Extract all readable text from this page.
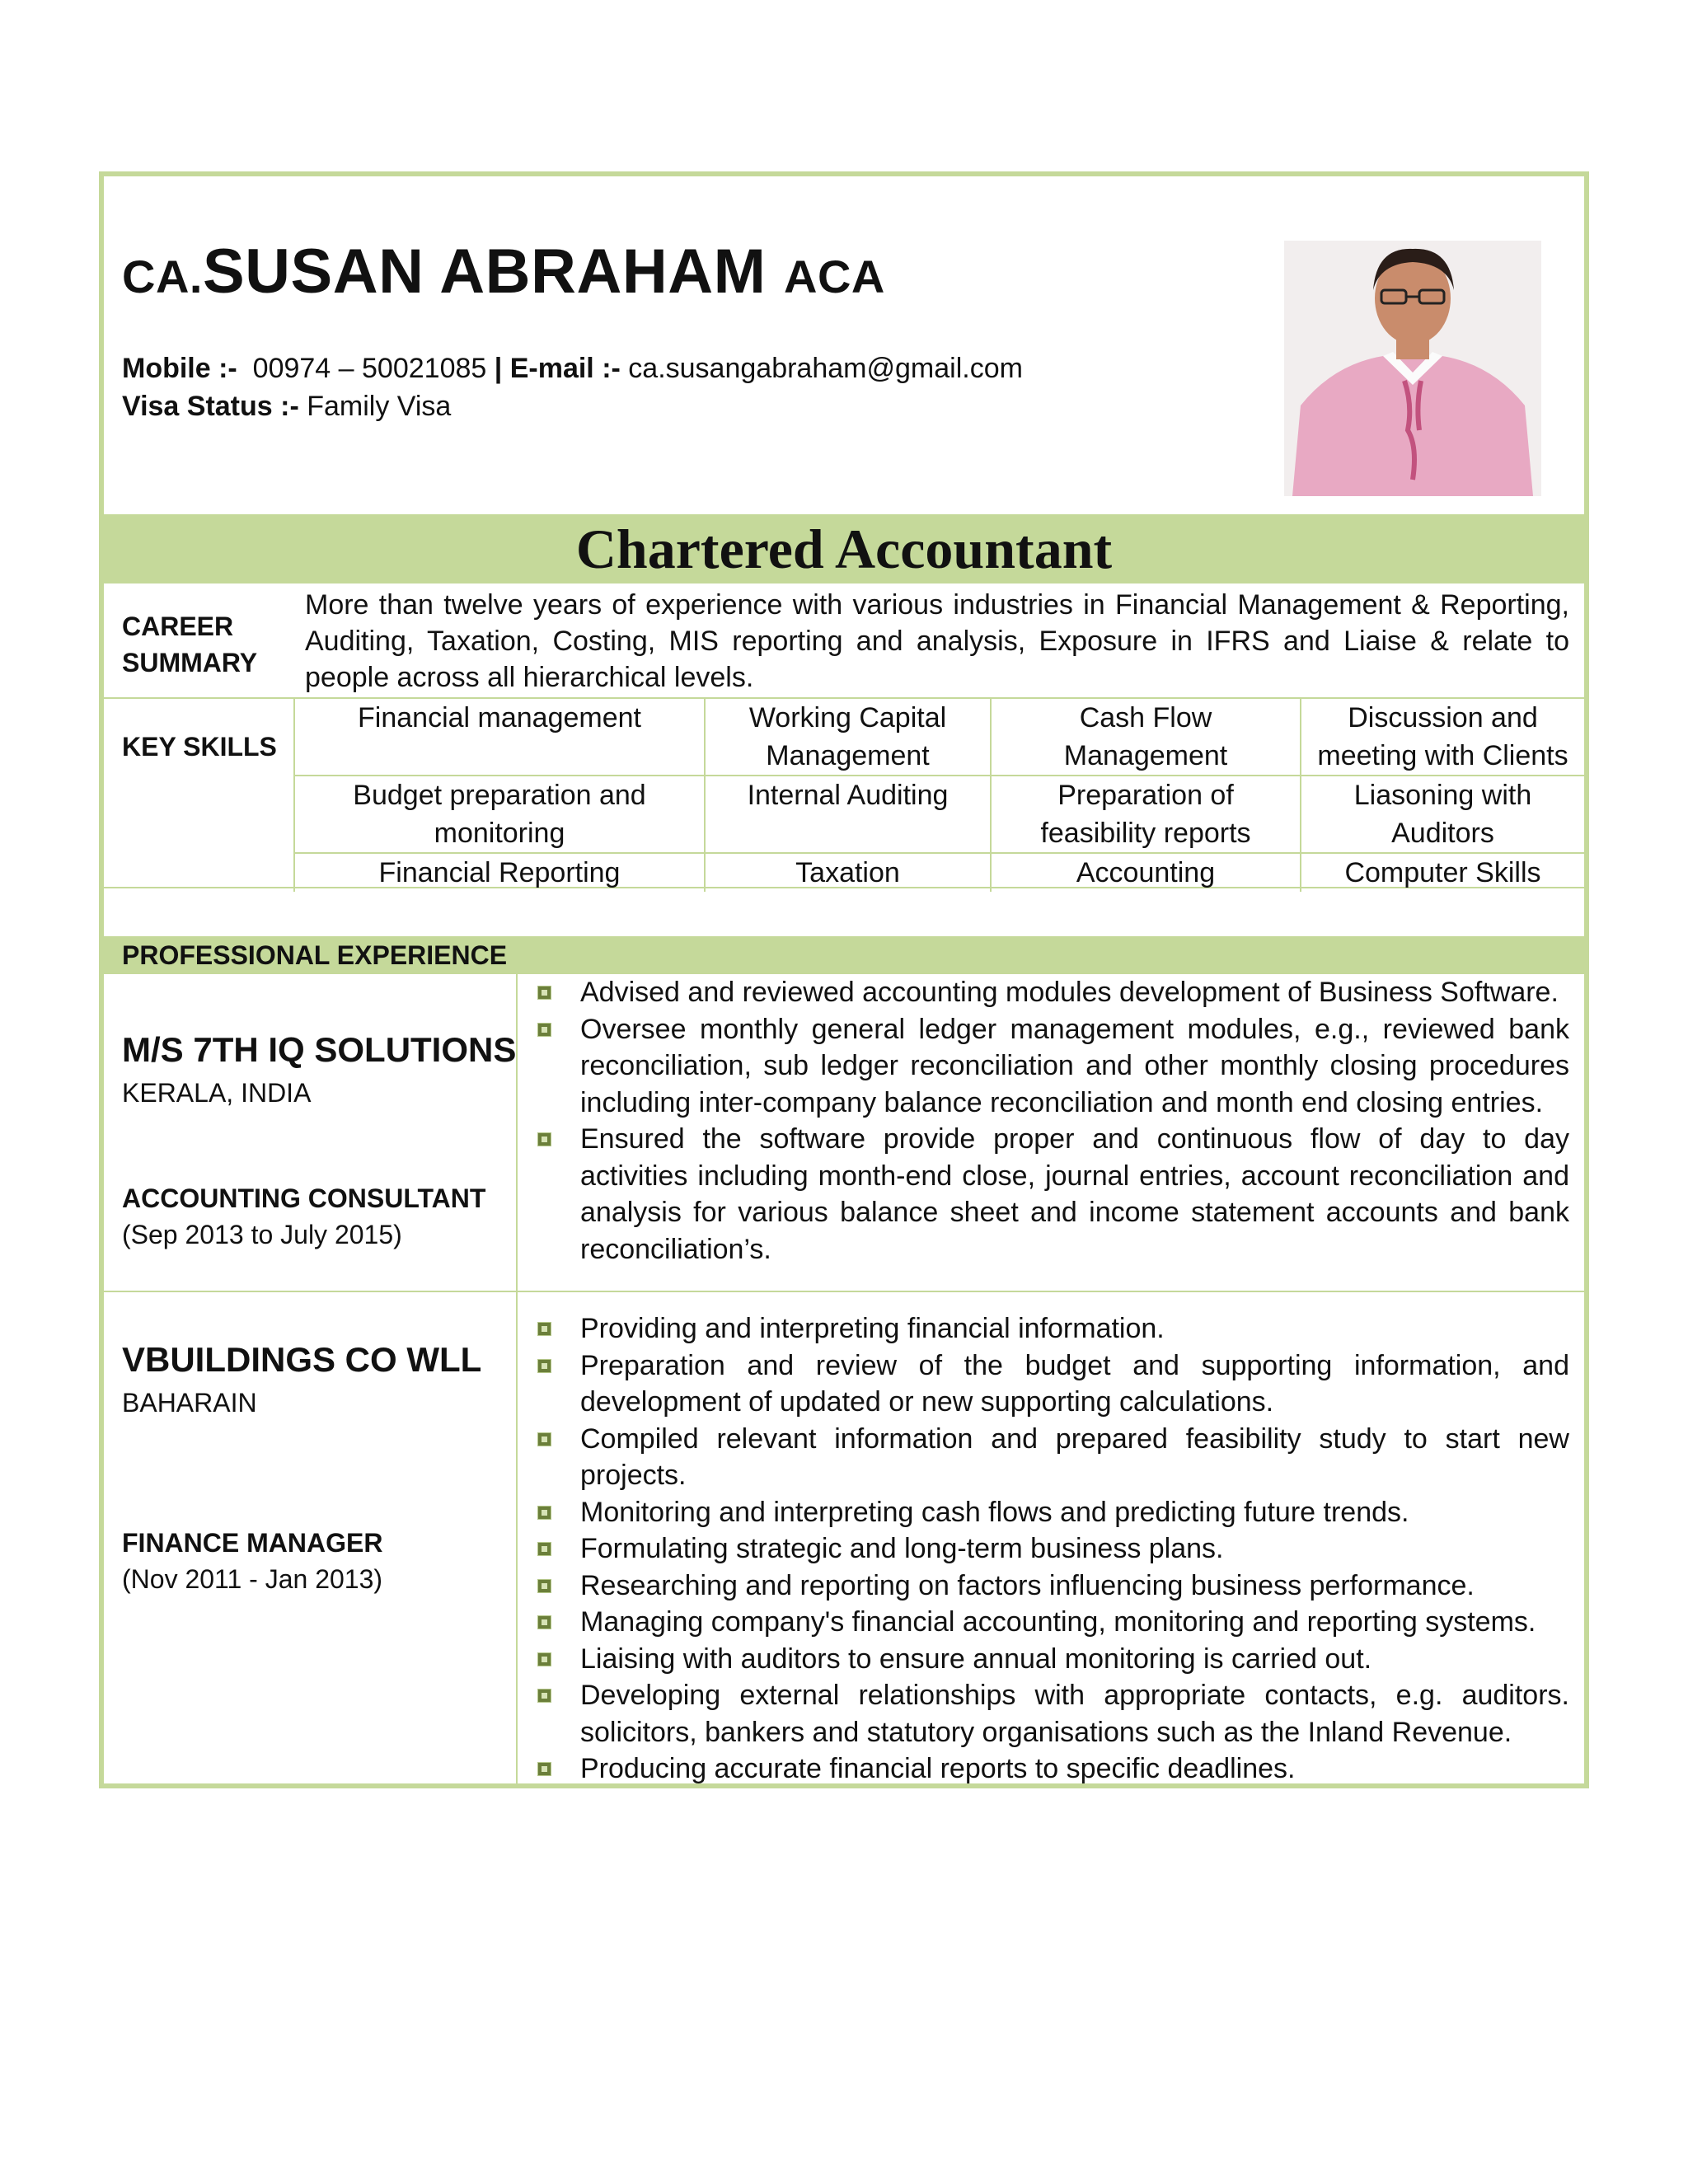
CA.SUSAN ABRAHAM ACA
Mobile :- 00974 – 50021085 | E-mail :- ca.susangabraham@gmail.com
Visa Status :- Family Visa
Chartered Accountant
CAREER
SUMMARY
More than twelve years of experience with various industries in Financial Management & Reporting, Auditing, Taxation, Costing, MIS reporting and analysis, Exposure in IFRS and Liaise & relate to people across all hierarchical levels.
KEY SKILLS
Financial management	Working Capital Management	Cash Flow Management	Discussion and meeting with Clients
Budget preparation and monitoring	Internal Auditing	Preparation of feasibility reports	Liasoning with Auditors
Financial Reporting	Taxation	Accounting	Computer Skills
PROFESSIONAL EXPERIENCE
M/S 7TH IQ SOLUTIONS
KERALA, INDIA
ACCOUNTING CONSULTANT
(Sep 2013 to July 2015)
Advised and reviewed accounting modules development of Business Software.
Oversee monthly general ledger management modules, e.g., reviewed bank reconciliation, sub ledger reconciliation and other monthly closing procedures including inter-company balance reconciliation and month end closing entries.
Ensured the software provide proper and continuous flow of day to day activities including month-end close, journal entries, account reconciliation and analysis for various balance sheet and income statement accounts and bank reconciliation’s.
VBUILDINGS CO WLL
BAHARAIN
FINANCE MANAGER
(Nov 2011 - Jan 2013)
Providing and interpreting financial information.
Preparation and review of the budget and supporting information, and development of updated or new supporting calculations.
Compiled relevant information and prepared feasibility study to start new projects.
Monitoring and interpreting cash flows and predicting future trends.
Formulating strategic and long-term business plans.
Researching and reporting on factors influencing business performance.
Managing company's financial accounting, monitoring and reporting systems.
Liaising with auditors to ensure annual monitoring is carried out.
Developing external relationships with appropriate contacts, e.g. auditors. solicitors, bankers and statutory organisations such as the Inland Revenue.
Producing accurate financial reports to specific deadlines.
